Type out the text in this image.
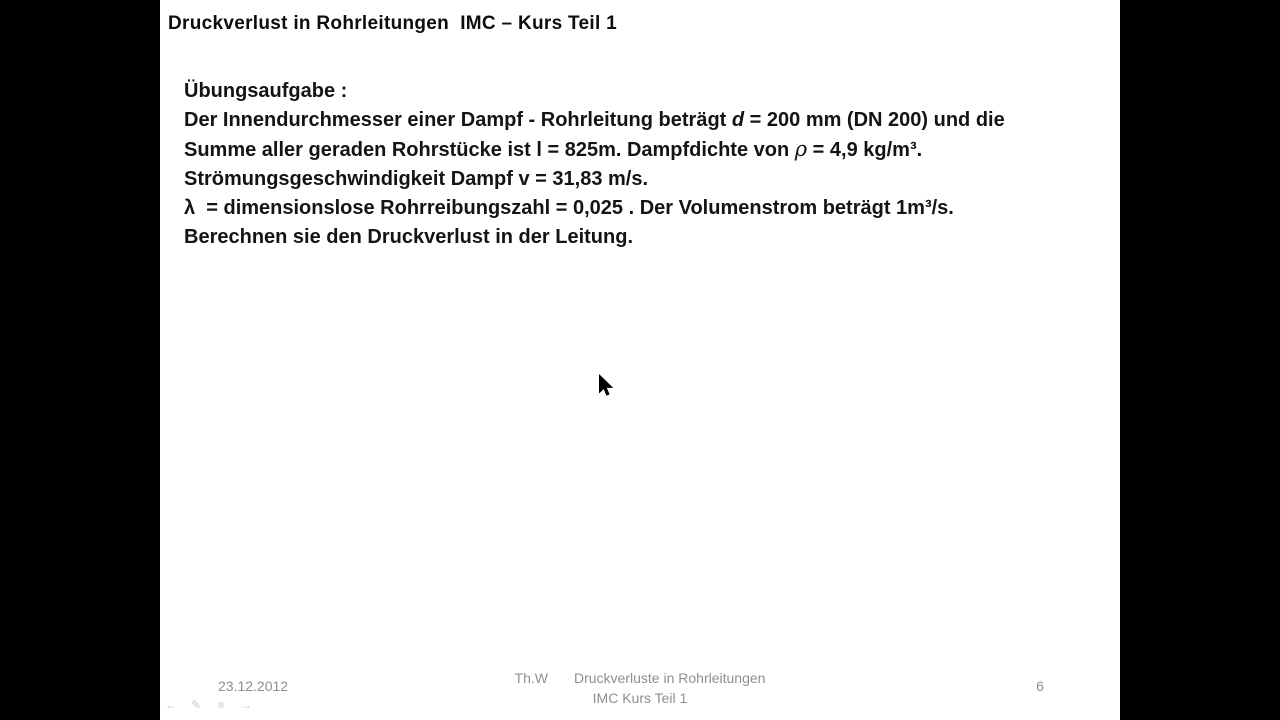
Druckverlust in Rohrleitungen  IMC – Kurs Teil 1
Übungsaufgabe :
Der Innendurchmesser einer Dampf - Rohrleitung beträgt d = 200 mm (DN 200) und die
Summe aller geraden Rohrstücke ist l = 825m. Dampfdichte von ρ = 4,9 kg/m³.
Strömungsgeschwindigkeit Dampf v = 31,83 m/s.
λ  = dimensionslose Rohrreibungszahl = 0,025 . Der Volumenstrom beträgt 1m³/s.
Berechnen sie den Druckverlust in der Leitung.
23.12.2012	Th.W Druckverluste in Rohrleitungen
IMC Kurs Teil 1
6
← ✎ ≡ →
